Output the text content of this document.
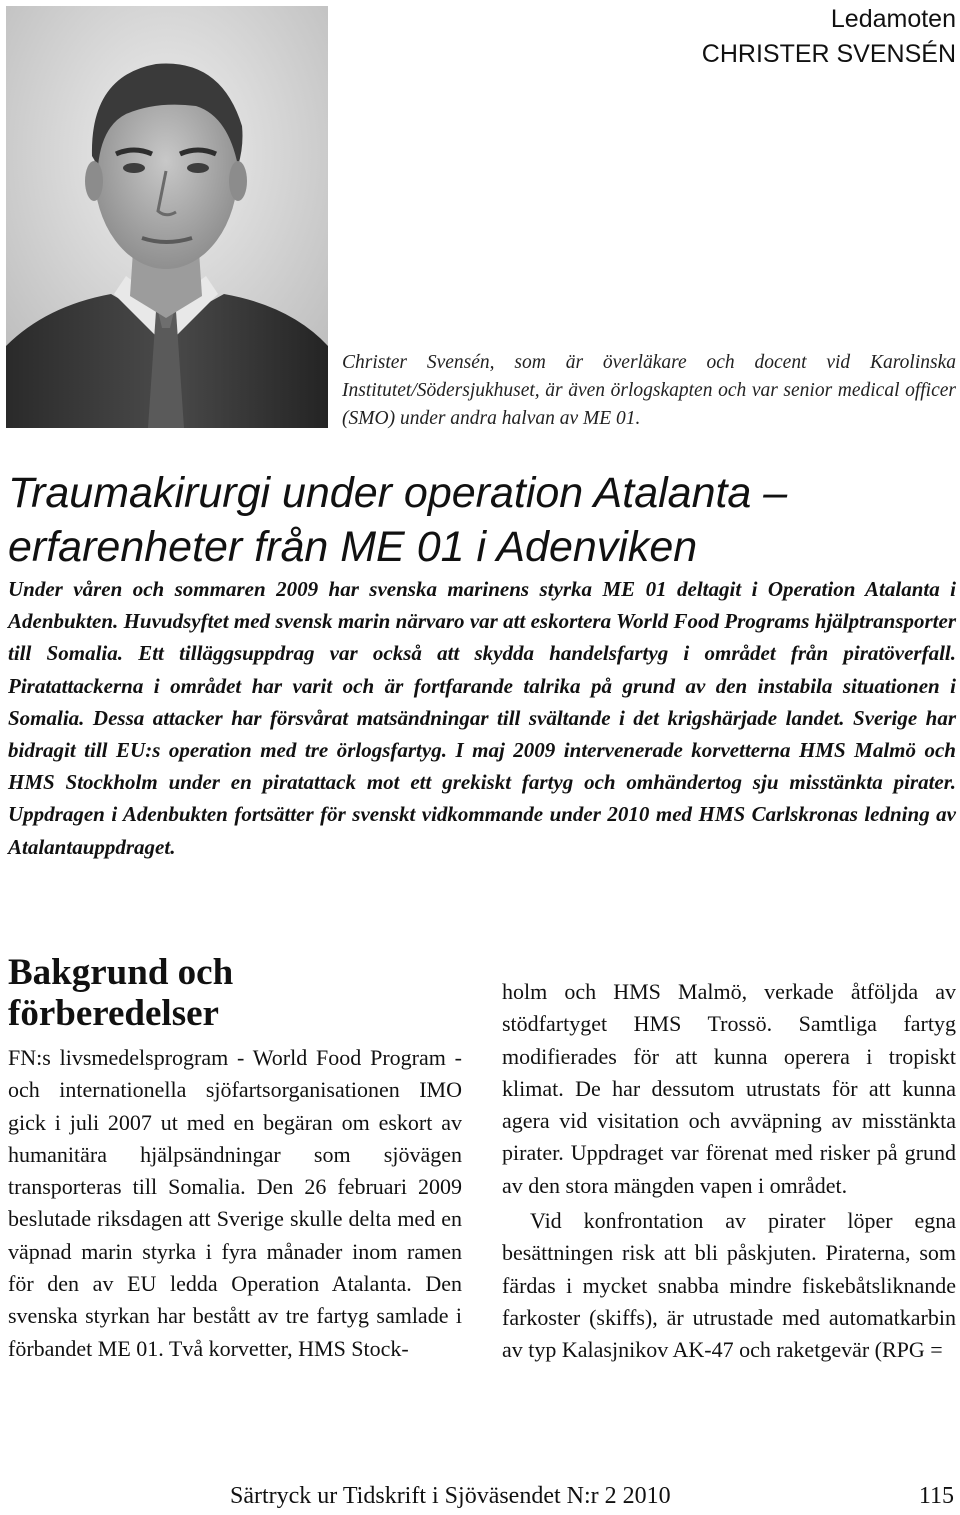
Ledamoten
CHRISTER SVENSÉN
Christer Svensén, som är överläkare och docent vid Karolinska Institutet/Södersjukhuset, är även örlogskapten och var senior medical officer (SMO) under andra halvan av ME 01.
Traumakirurgi under operation Atalanta –
erfarenheter från ME 01 i Adenviken
Under våren och sommaren 2009 har svenska marinens styrka ME 01 deltagit i Operation Atalanta i Adenbukten. Huvudsyftet med svensk marin närvaro var att eskortera World Food Programs hjälptransporter till Somalia. Ett tilläggsuppdrag var också att skydda handelsfartyg i området från piratöverfall. Piratattackerna i området har varit och är fortfarande talrika på grund av den instabila situationen i Somalia. Dessa attacker har försvårat matsändningar till svältande i det krigshärjade landet. Sverige har bidragit till EU:s operation med tre örlogsfartyg. I maj 2009 intervenerade korvetterna HMS Malmö och HMS Stockholm under en piratattack mot ett grekiskt fartyg och omhändertog sju misstänkta pirater. Uppdragen i Adenbukten fortsätter för svenskt vidkommande under 2010 med HMS Carlskronas ledning av Atalantauppdraget.
Bakgrund och
förberedelser

FN:s livsmedelsprogram - World Food Program - och internationella sjöfartsorganisationen IMO gick i juli 2007 ut med en begäran om eskort av humanitära hjälpsändningar som sjövägen transporteras till Somalia. Den 26 februari 2009 beslutade riksdagen att Sverige skulle delta med en väpnad marin styrka i fyra månader inom ramen för den av EU ledda Operation Atalanta. Den svenska styrkan har bestått av tre fartyg samlade i förbandet ME 01. Två korvetter, HMS Stock-

holm och HMS Malmö, verkade åtföljda av stödfartyget HMS Trossö. Samtliga fartyg modifierades för att kunna operera i tropiskt klimat. De har dessutom utrustats för att kunna agera vid visitation och avväpning av misstänkta pirater. Uppdraget var förenat med risker på grund av den stora mängden vapen i området.

Vid konfrontation av pirater löper egna besättningen risk att bli påskjuten. Piraterna, som färdas i mycket snabba mindre fiskebåtsliknande farkoster (skiffs), är utrustade med automatkarbin av typ Kalasjnikov AK-47 och raketgevär (RPG =

Särtryck ur Tidskrift i Sjöväsendet N:r 2 2010	115
